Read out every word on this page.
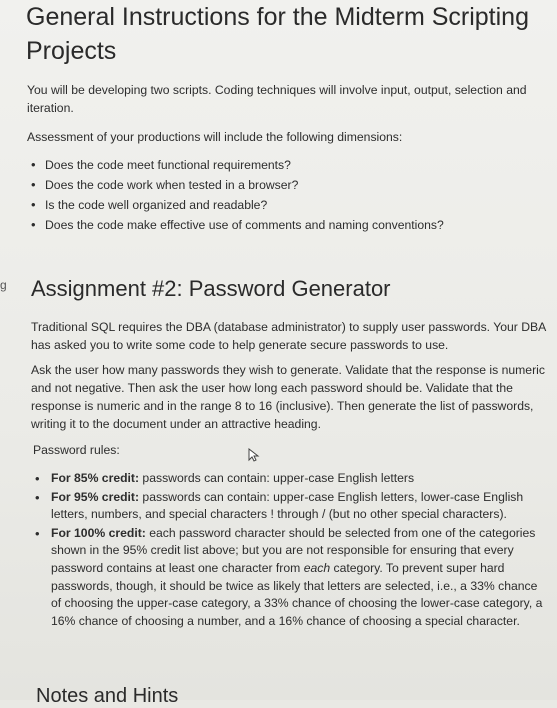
General Instructions for the Midterm Scripting Projects

You will be developing two scripts. Coding techniques will involve input, output, selection and iteration.

Assessment of your productions will include the following dimensions:

• Does the code meet functional requirements?
• Does the code work when tested in a browser?
• Is the code well organized and readable?
• Does the code make effective use of comments and naming conventions?
g Assignment #2: Password Generator

Traditional SQL requires the DBA (database administrator) to supply user passwords. Your DBA has asked you to write some code to help generate secure passwords to use.

Ask the user how many passwords they wish to generate. Validate that the response is numeric and not negative. Then ask the user how long each password should be. Validate that the response is numeric and in the range 8 to 16 (inclusive). Then generate the list of passwords, writing it to the document under an attractive heading.

Password rules:

• For 85% credit: passwords can contain: upper-case English letters
• For 95% credit: passwords can contain: upper-case English letters, lower-case English letters, numbers, and special characters ! through / (but no other special characters).
• For 100% credit: each password character should be selected from one of the categories shown in the 95% credit list above; but you are not responsible for ensuring that every password contains at least one character from each category. To prevent super hard passwords, though, it should be twice as likely that letters are selected, i.e., a 33% chance of choosing the upper-case category, a 33% chance of choosing the lower-case category, a 16% chance of choosing a number, and a 16% chance of choosing a special character.
Notes and Hints
